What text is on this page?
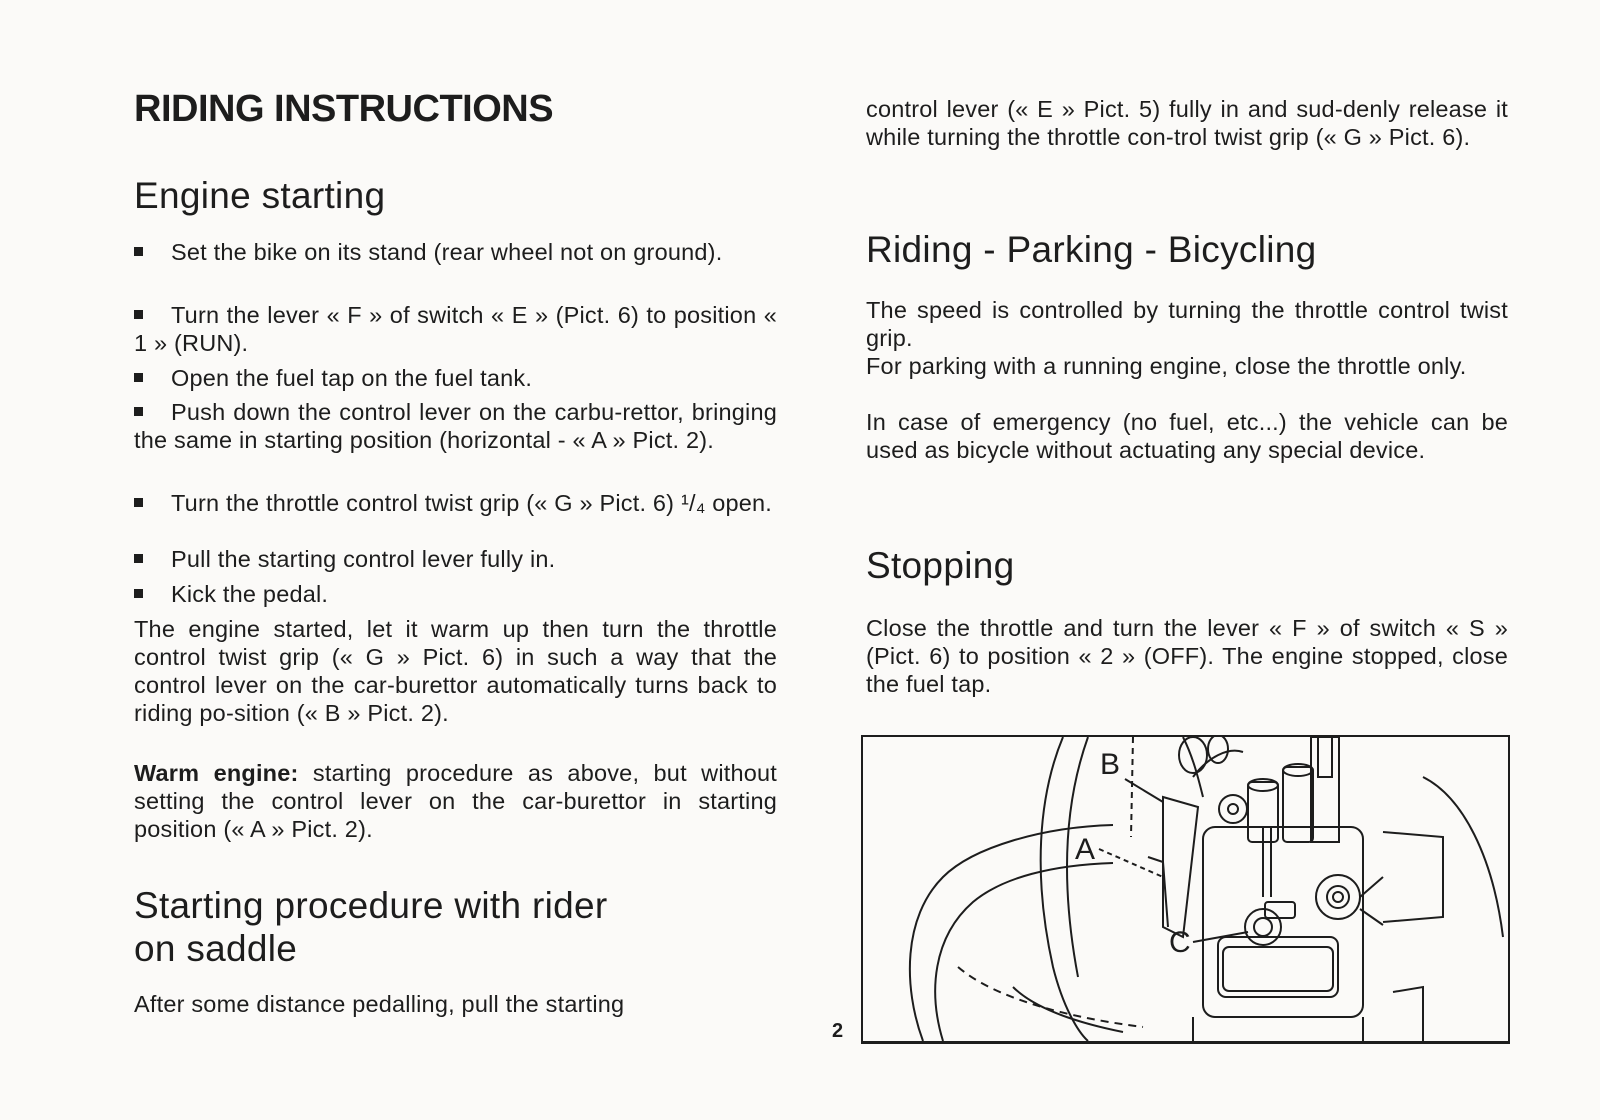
RIDING INSTRUCTIONS
Engine starting

Set the bike on its stand (rear wheel not on ground).

Turn the lever « F » of switch « E » (Pict. 6) to position « 1 » (RUN).

Open the fuel tap on the fuel tank.

Push down the control lever on the carbu-rettor, bringing the same in starting position (horizontal - « A » Pict. 2).

Turn the throttle control twist grip (« G » Pict. 6) ¹/₄ open.

Pull the starting control lever fully in.

Kick the pedal.

The engine started, let it warm up then turn the throttle control twist grip (« G » Pict. 6) in such a way that the control lever on the car-burettor automatically turns back to riding po-sition (« B » Pict. 2).

Warm engine: starting procedure as above, but without setting the control lever on the car-burettor in starting position (« A » Pict. 2).

Starting procedure with rider
on saddle

After some distance pedalling, pull the starting

2

control lever (« E » Pict. 5) fully in and sud-denly release it while turning the throttle con-trol twist grip (« G » Pict. 6).

Riding - Parking - Bicycling

The speed is controlled by turning the throttle control twist grip.

For parking with a running engine, close the throttle only.

In case of emergency (no fuel, etc...) the vehicle can be used as bicycle without actuating any special device.

Stopping

Close the throttle and turn the lever « F » of switch « S » (Pict. 6) to position « 2 » (OFF). The engine stopped, close the fuel tap.

B
A
C
